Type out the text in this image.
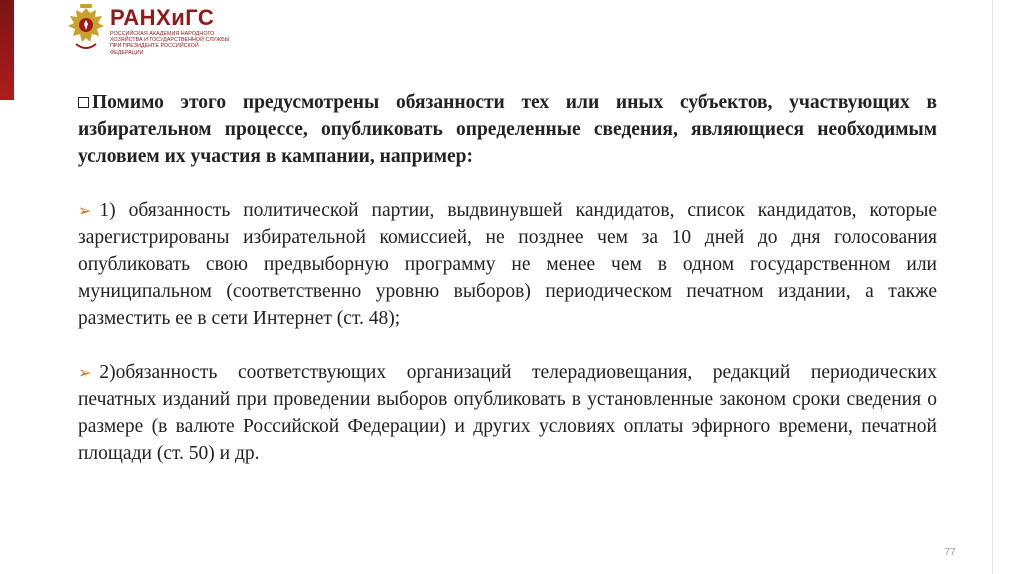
РАНХиГС
РОССИЙСКАЯ АКАДЕМИЯ НАРОДНОГО ХОЗЯЙСТВА И ГОСУДАРСТВЕННОЙ СЛУЖБЫ ПРИ ПРЕЗИДЕНТЕ РОССИЙСКОЙ ФЕДЕРАЦИИ

Помимо этого предусмотрены обязанности тех или иных субъектов, участвующих в избирательном процессе, опубликовать определенные сведения, являющиеся необходимым условием их участия в кампании, например:

➢ 1) обязанность политической партии, выдвинувшей кандидатов, список кандидатов, которые зарегистрированы избирательной комиссией, не позднее чем за 10 дней до дня голосования опубликовать свою предвыборную программу не менее чем в одном государственном или муниципальном (соответственно уровню выборов) периодическом печатном издании, а также разместить ее в сети Интернет (ст. 48);

➢ 2)обязанность соответствующих организаций телерадиовещания, редакций периодических печатных изданий при проведении выборов опубликовать в установленные законом сроки сведения о размере (в валюте Российской Федерации) и других условиях оплаты эфирного времени, печатной площади (ст. 50) и др.

77
